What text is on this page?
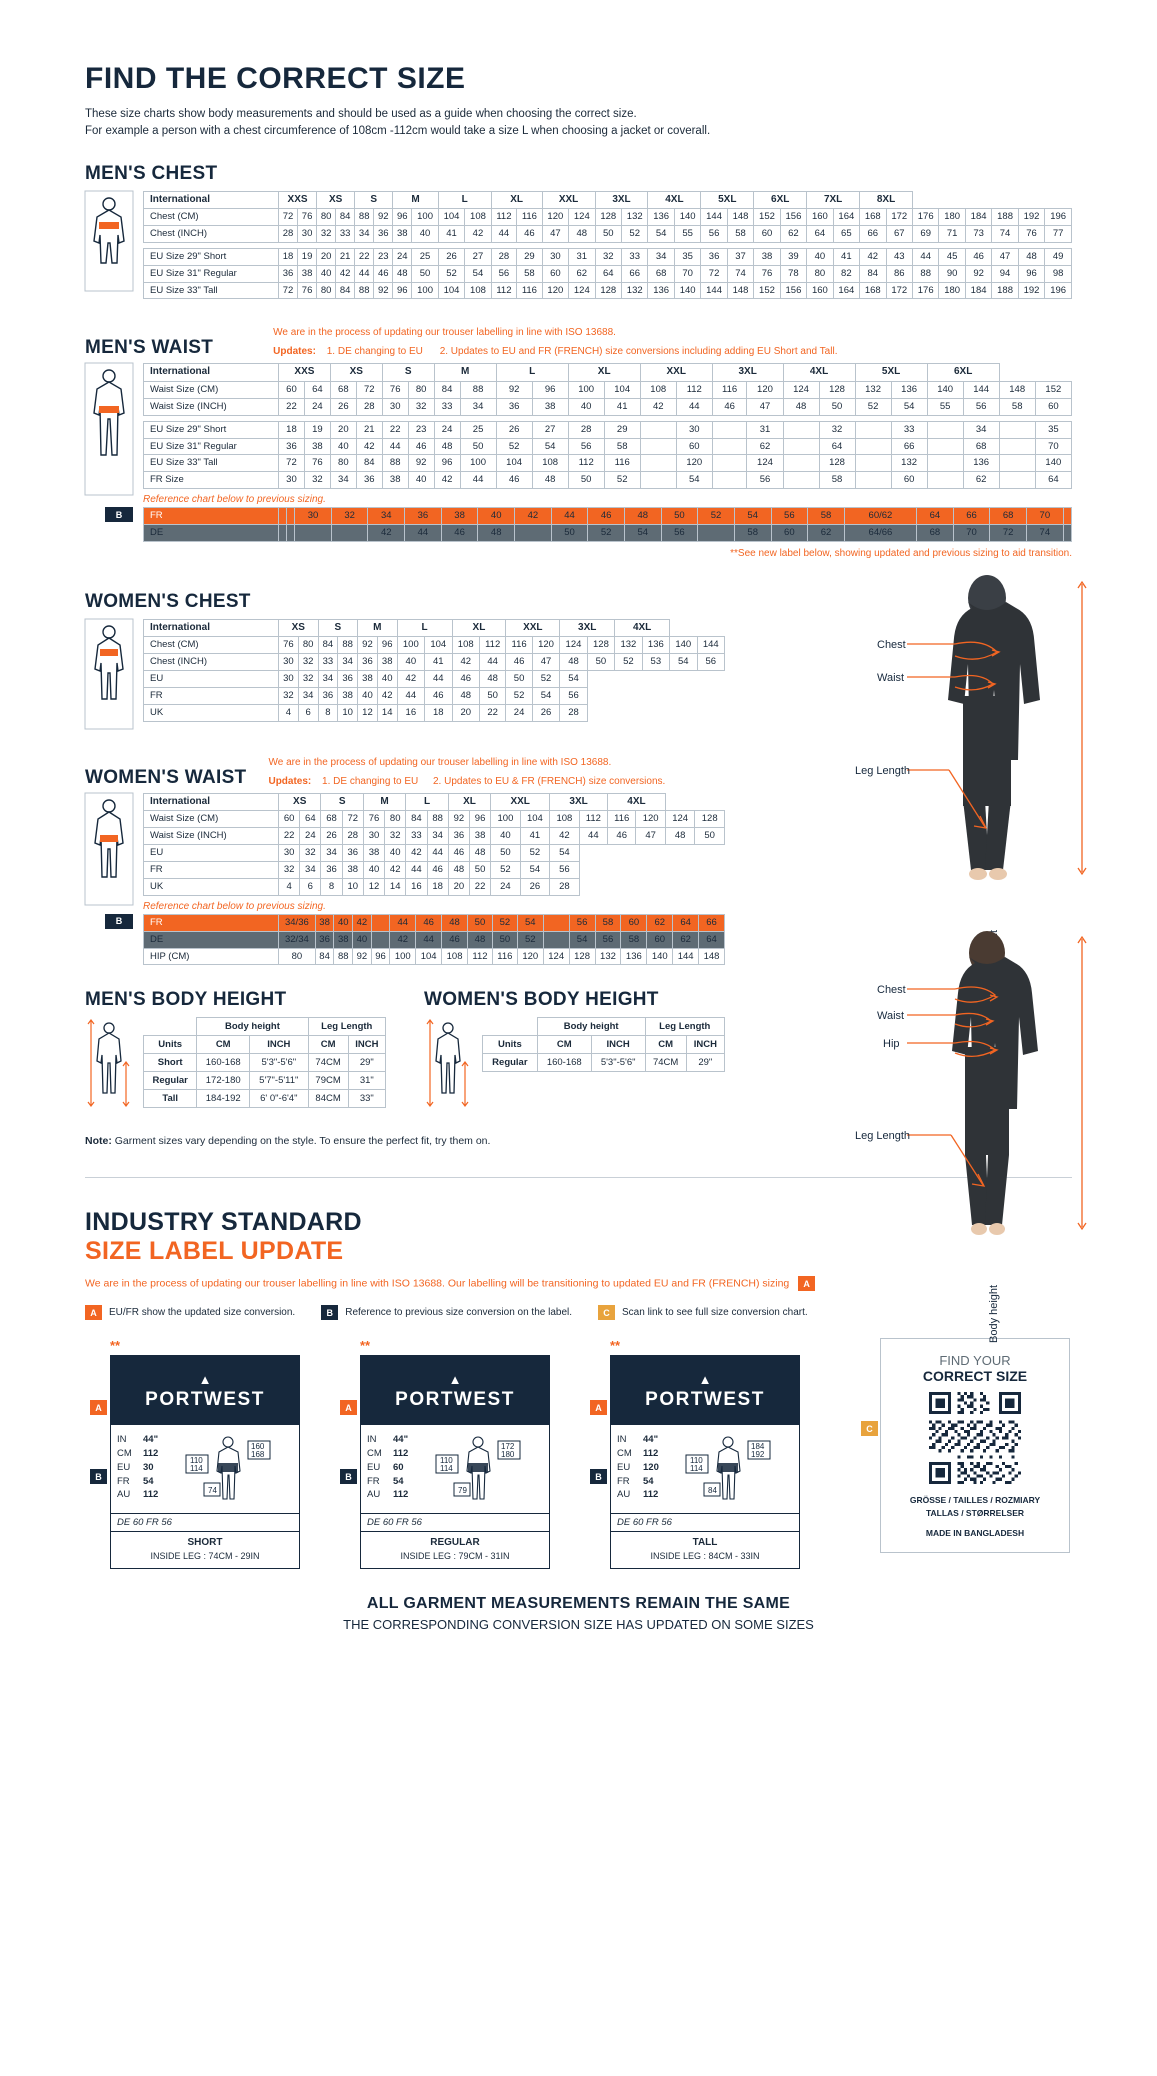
FIND THE CORRECT SIZE
These size charts show body measurements and should be used as a guide when choosing the correct size.
For example a person with a chest circumference of 108cm -112cm would take a size L when choosing a jacket or coverall.
MEN'S CHEST
International	XXS		XS		S		M		L		XL		XXL		3XL		4XL		5XL		6XL		7XL		8XL							
Chest (CM)	72	76	80	84	88	92	96	100	104	108	112	116	120	124	128	132	136	140	144	148	152	156	160	164	168	172	176	180	184	188	192	196
Chest (INCH)	28	30	32	33	34	36	38	40	41	42	44	46	47	48	50	52	54	55	56	58	60	62	64	65	66	67	69	71	73	74	76	77

EU Size 29" Short	18	19	20	21	22	23	24	25	26	27	28	29	30	31	32	33	34	35	36	37	38	39	40	41	42	43	44	45	46	47	48	49
EU Size 31" Regular	36	38	40	42	44	46	48	50	52	54	56	58	60	62	64	66	68	70	72	74	76	78	80	82	84	86	88	90	92	94	96	98
EU Size 33" Tall	72	76	80	84	88	92	96	100	104	108	112	116	120	124	128	132	136	140	144	148	152	156	160	164	168	172	176	180	184	188	192	196
MEN'S WAIST
We are in the process of updating our trouser labelling in line with ISO 13688.
Updates: 1. DE changing to EU 2. Updates to EU and FR (FRENCH) size conversions including adding EU Short and Tall.
International	XXS		XS		S		M		L		XL		XXL		3XL		4XL		5XL		6XL			
Waist Size (CM)	60	64	68	72	76	80	84	88	92	96	100	104	108	112	116	120	124	128	132	136	140	144	148	152
Waist Size (INCH)	22	24	26	28	30	32	33	34	36	38	40	41	42	44	46	47	48	50	52	54	55	56	58	60

EU Size 29" Short	18	19	20	21	22	23	24	25	26	27	28	29		30		31		32		33		34		35
EU Size 31" Regular	36	38	40	42	44	46	48	50	52	54	56	58		60		62		64		66		68		70
EU Size 33" Tall	72	76	80	84	88	92	96	100	104	108	112	116		120		124		128		132		136		140
FR Size	30	32	34	36	38	40	42	44	46	48	50	52		54		56		58		60		62		64
Reference chart below to previous sizing.
B	FR			30	32	34	36	38	40	42	44	46	48	50	52	54	56	58	60/62	64	66	68	70	
DE					42	44	46	48		50	52	54	56		58	60	62	64/66	68	70	72	74	
**See new label below, showing updated and previous sizing to aid transition.
WOMEN'S CHEST
International	XS		S		M		L		XL		XXL		3XL		4XL			
Chest (CM)	76	80	84	88	92	96	100	104	108	112	116	120	124	128	132	136	140	144
Chest (INCH)	30	32	33	34	36	38	40	41	42	44	46	47	48	50	52	53	54	56
EU	30	32	34	36	38	40	42	44	46	48	50	52	54					
FR	32	34	36	38	40	42	44	46	48	50	52	54	56					
UK	4	6	8	10	12	14	16	18	20	22	24	26	28					
WOMEN'S WAIST
We are in the process of updating our trouser labelling in line with ISO 13688.
Updates: 1. DE changing to EU 2. Updates to EU & FR (FRENCH) size conversions.
International	XS		S		M		L		XL		XXL		3XL		4XL			
Waist Size (CM)	60	64	68	72	76	80	84	88	92	96	100	104	108	112	116	120	124	128
Waist Size (INCH)	22	24	26	28	30	32	33	34	36	38	40	41	42	44	46	47	48	50
EU	30	32	34	36	38	40	42	44	46	48	50	52	54					
FR	32	34	36	38	40	42	44	46	48	50	52	54	56					
UK	4	6	8	10	12	14	16	18	20	22	24	26	28					
Reference chart below to previous sizing.
B	FR	34/36	38	40	42		44	46	48	50	52	54		56	58	60	62	64	66
DE	32/34	36	38	40		42	44	46	48	50	52		54	56	58	60	62	64
HIP (CM)	80	84	88	92	96	100	104	108	112	116	120	124	128	132	136	140	144	148
MEN'S BODY HEIGHT
	Body height		Leg Length	
Units	CM	INCH	CM	INCH
Short	160-168	5'3"-5'6"	74CM	29"
Regular	172-180	5'7"-5'11"	79CM	31"
Tall	184-192	6' 0"-6'4"	84CM	33"
WOMEN'S BODY HEIGHT
	Body height		Leg Length	
Units	CM	INCH	CM	INCH
Regular	160-168	5'3"-5'6"	74CM	29"
Note: Garment sizes vary depending on the style. To ensure the perfect fit, try them on.
INDUSTRY STANDARD
SIZE LABEL UPDATE
We are in the process of updating our trouser labelling in line with ISO 13688. Our labelling will be transitioning to updated EU and FR (FRENCH) sizing A
A	EU/FR show the updated size conversion.	B	Reference to previous size conversion on the label.	C	Scan link to see full size conversion chart.
**
A
B
▲
PORTWEST
IN	44"
CM	112
EU	30
FR	54
AU	112
110
114
160
168
74
DE 60 FR 56
SHORT
INSIDE LEG : 74CM - 29IN
**
A
B
▲
PORTWEST
IN	44"
CM	112
EU	60
FR	54
AU	112
110
114
172
180
79
DE 60 FR 56
REGULAR
INSIDE LEG : 79CM - 31IN
**
A
B
▲
PORTWEST
IN	44"
CM	112
EU	120
FR	54
AU	112
110
114
184
192
84
DE 60 FR 56
TALL
INSIDE LEG : 84CM - 33IN
C
FIND YOUR
CORRECT SIZE
GRÖSSE / TAILLES / ROZMIARY
TALLAS / STØRRELSER
MADE IN BANGLADESH
ALL GARMENT MEASUREMENTS REMAIN THE SAME
THE CORRESPONDING CONVERSION SIZE HAS UPDATED ON SOME SIZES
Chest
Waist
Leg Length
Chest
Waist
Hip
Leg Length
Body height
